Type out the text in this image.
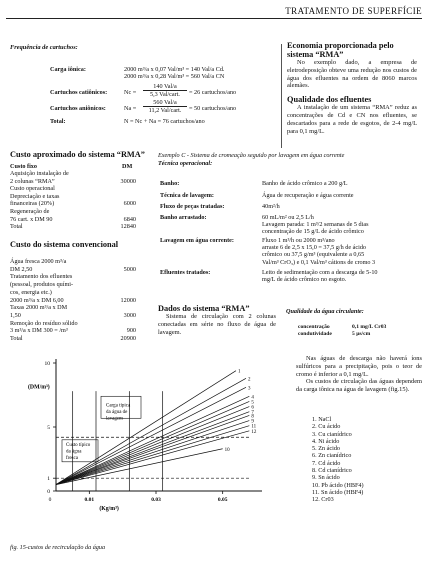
TRATAMENTO DE SUPERFÍCIE
Frequência de cartuchos:
Carga iônica:	2000 m³/a x 0,07 Val/m³ = 140 Val/a Cd.
2000 m³/a x 0,28 Val/m³ = 560 Val/a CN
Cartuchos catiônicos:	Nc =
140 Val/a
5,3 Val/cart.	= 26 cartuchos/ano
Cartuchos aniônicos:	Na =
560 Val/a
11,2 Val/cart.	= 50 cartuchos/ano
Total:	N = Nc + Na = 76 cartuchos/ano
Economia proporcionada pelo sistema “RMA”
No exemplo dado, a empresa de eletrodeposição obteve uma redução nos custos de água dos efluentes na ordem de 8060 marcos alemães.
Qualidade dos efluentes
A instalação de um sistema “RMA” reduz as concentrações de Cd e CN nos efluentes, se descartados para a rede de esgotos, de 2-4 mg/L para 0,1 mg/L.
Custo aproximado do sistema “RMA”
Custo fixo	DM
Aquisição instalação de
2 colunas “RMA”	30000
Custo operacional
Depreciação e taxas
financeiras (20%)	6000
Regeneração de
76 cart. x DM 90	6840
Total	12840
Custo do sistema convencional
Água fresca 2000 m³/a
DM 2,50	5000
Tratamento dos efluentes
(pessoal, produtos quími-
cos, energia etc.)
2000 m³/a x DM 6,00	12000
Taxas 2000 m³/a x DM
1,50	3000
Remoção do resíduo sólido
3 m³/a x DM 300 = /m³	900
Total	20900
Exemplo C - Sistema de cromeação seguido por lavagem em água corrente
Técnica operacional:
Banho:	Banho de ácido crômico a 200 g/L
Técnica de lavagem:	Água de recuperação e água corrente
Fluxo de peças tratadas:	40m²/h
Banho arrastado:	60 mL/m² ou 2,5 L/h
Lavagem parada: 1 m³/2 semanas de 5 dias
concentração de 15 g/L de ácido crômico
Lavagem em água corrente:	Fluxo 1 m³/h ou 2000 m³/ano
arraste 6 de 2,5 x 15,0 = 37,5 g/h de ácido
crômico ou 37,5 g/m³ (equivalente a 0,65
Val/m³ CrO₃) e 0,1 Val/m³ cátions de cromo 3
Efluentes tratados:	Leito de sedimentação com a descarga de 5-10
mg/L de ácido crômico no esgoto.
Dados do sistema “RMA”
Sistema de circulação com 2 colunas conectadas em série no fluxo de água de lavagem.
Qualidade da água circulante:
concentração	0,1 mg/L Cr03
condutividade	5 μs/cm
Nas águas de descarga não haverá íons sulfúricos para a precipitação, pois o teor de cromo é inferior a 0,1 mg/L.
Os custos de circulação das águas dependem da carga iônica na água de lavagem (fig.15).
1. NaCl
2. Cu ácido
3. Cu cianídrico
4. Ni ácido
5. Zn ácido
6. Zn cianídrico
7. Cd ácido
8. Cd cianídrico
9. Sn ácido
10. Pb ácido (HBF4)
11. Sn ácido (HBF4)
12. Cr03
10
5
1
0
0.01	0.03	0.05
0
(DM/m³)
(Kg/m³)
1
2
3
4
5
6
7
8
9
10
11
12
Carga típica
da água de
lavagem
Custo típico
da água
fresca
fig. 15-custos de recirculação da água
